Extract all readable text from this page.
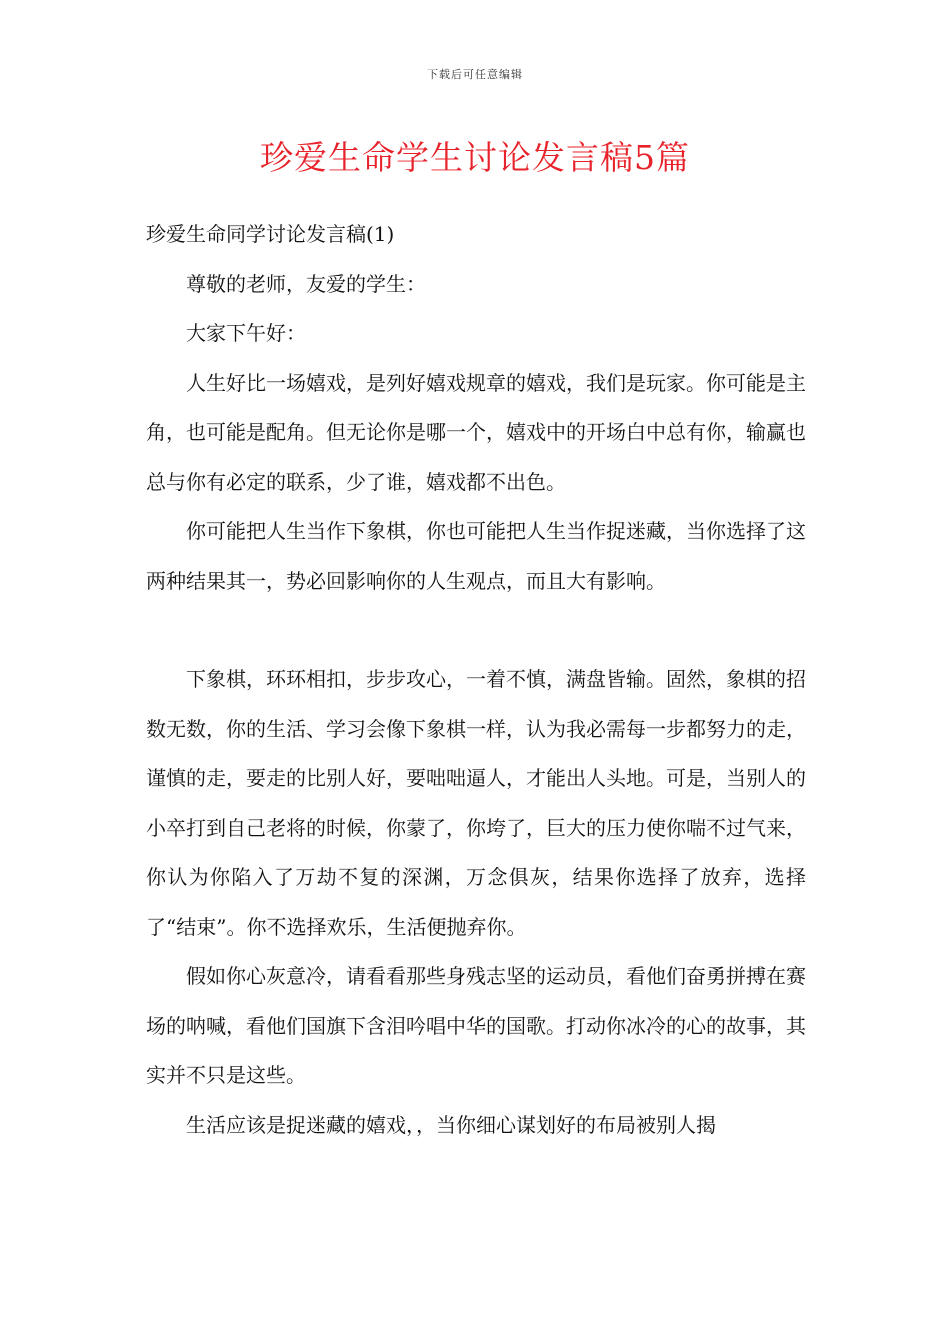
下载后可任意编辑
珍爱生命学生讨论发言稿5篇

珍爱生命同学讨论发言稿(1)

尊敬的老师，友爱的学生：

大家下午好：

人生好比一场嬉戏，是列好嬉戏规章的嬉戏，我们是玩家。你可能是主角，也可能是配角。但无论你是哪一个，嬉戏中的开场白中总有你，输赢也总与你有必定的联系，少了谁，嬉戏都不出色。

你可能把人生当作下象棋，你也可能把人生当作捉迷藏，当你选择了这两种结果其一，势必回影响你的人生观点，而且大有影响。

下象棋，环环相扣，步步攻心，一着不慎，满盘皆输。固然，象棋的招数无数，你的生活、学习会像下象棋一样，认为我必需每一步都努力的走，谨慎的走，要走的比别人好，要咄咄逼人，才能出人头地。可是，当别人的小卒打到自己老将的时候，你蒙了，你垮了，巨大的压力使你喘不过气来，你认为你陷入了万劫不复的深渊，万念俱灰，结果你选择了放弃，选择了“结束”。你不选择欢乐，生活便抛弃你。

假如你心灰意冷，请看看那些身残志坚的运动员，看他们奋勇拼搏在赛场的呐喊，看他们国旗下含泪吟唱中华的国歌。打动你冰冷的心的故事，其实并不只是这些。

生活应该是捉迷藏的嬉戏，，当你细心谋划好的布局被别人揭
